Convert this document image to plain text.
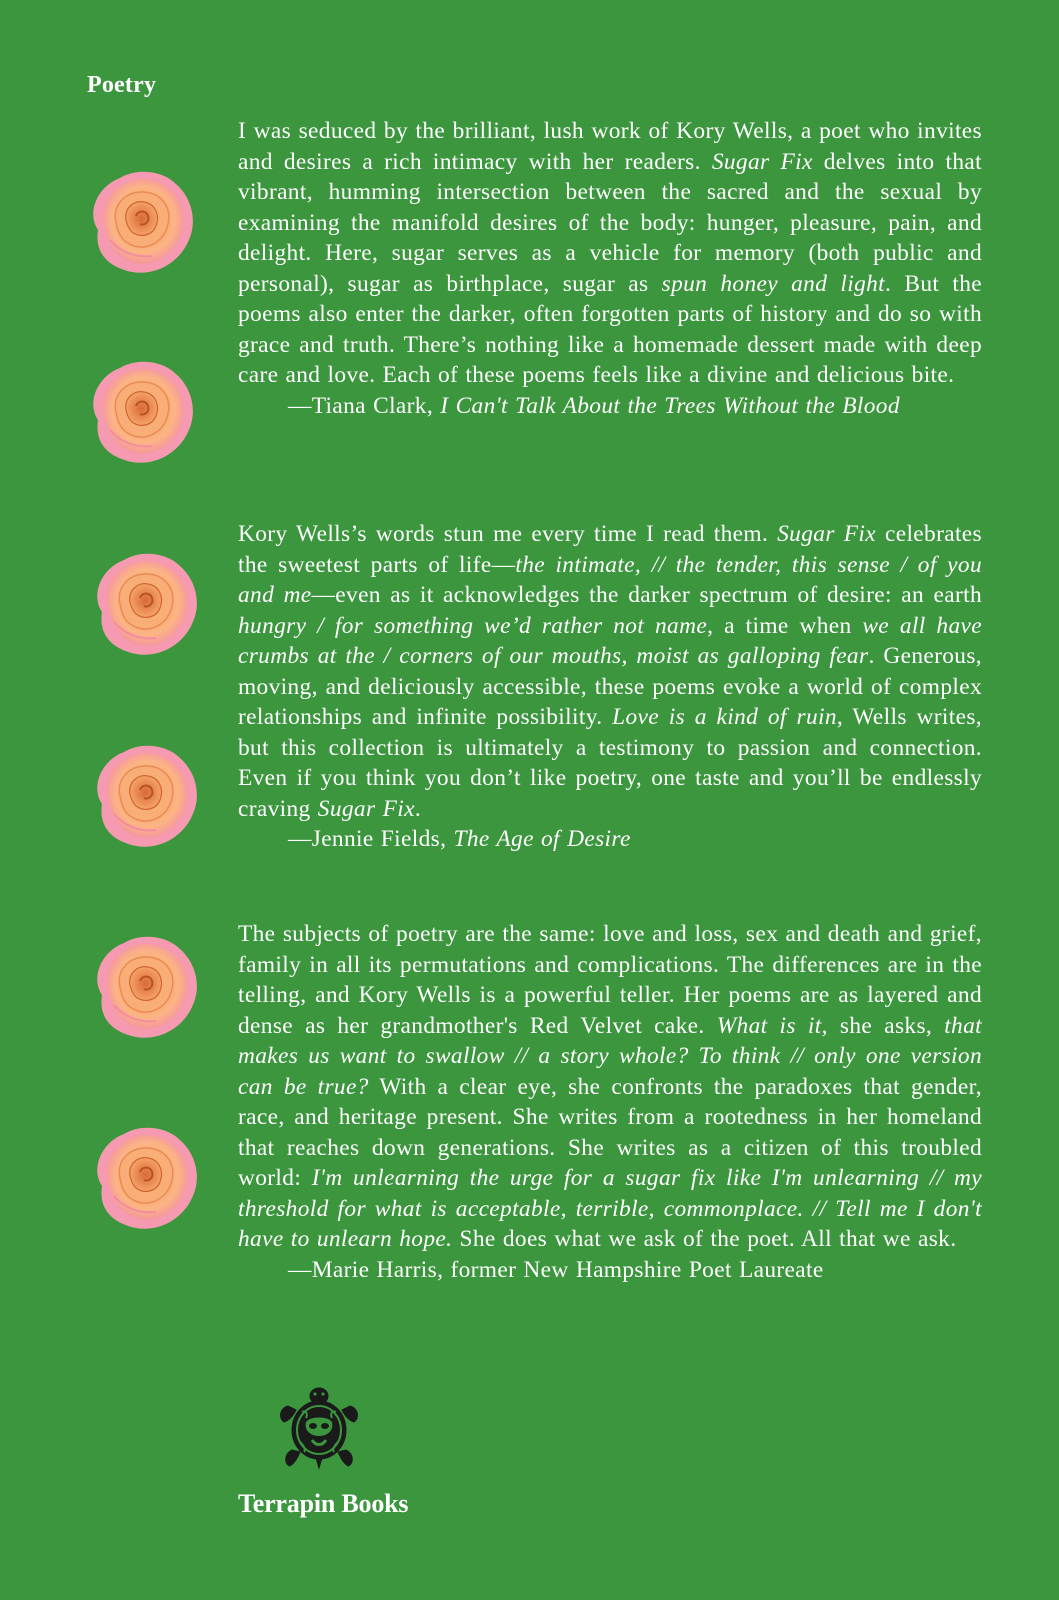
Poetry

I was seduced by the brilliant, lush work of Kory Wells, a poet who invites and desires a rich intimacy with her readers. Sugar Fix delves into that vibrant, humming intersection between the sacred and the sexual by examining the manifold desires of the body: hunger, pleasure, pain, and delight. Here, sugar serves as a vehicle for memory (both public and personal), sugar as birthplace, sugar as spun honey and light. But the poems also enter the darker, often forgotten parts of history and do so with grace and truth. There’s nothing like a homemade dessert made with deep care and love. Each of these poems feels like a divine and delicious bite.

—Tiana Clark, I Can't Talk About the Trees Without the Blood

Kory Wells’s words stun me every time I read them. Sugar Fix celebrates the sweetest parts of life—the intimate, // the tender, this sense / of you and me—even as it acknowledges the darker spectrum of desire: an earth hungry / for something we’d rather not name, a time when we all have crumbs at the / corners of our mouths, moist as galloping fear. Generous, moving, and deliciously accessible, these poems evoke a world of complex relationships and infinite possibility. Love is a kind of ruin, Wells writes, but this collection is ultimately a testimony to passion and connection. Even if you think you don’t like poetry, one taste and you’ll be endlessly craving Sugar Fix.

—Jennie Fields, The Age of Desire

The subjects of poetry are the same: love and loss, sex and death and grief, family in all its permutations and complications. The differences are in the telling, and Kory Wells is a powerful teller. Her poems are as layered and dense as her grandmother's Red Velvet cake. What is it, she asks, that makes us want to swallow // a story whole? To think // only one version can be true? With a clear eye, she confronts the paradoxes that gender, race, and heritage present. She writes from a rootedness in her homeland that reaches down generations. She writes as a citizen of this troubled world: I'm unlearning the urge for a sugar fix like I'm unlearning // my threshold for what is acceptable, terrible, commonplace. // Tell me I don't have to unlearn hope. She does what we ask of the poet. All that we ask.

—Marie Harris, former New Hampshire Poet Laureate
Terrapin Books
